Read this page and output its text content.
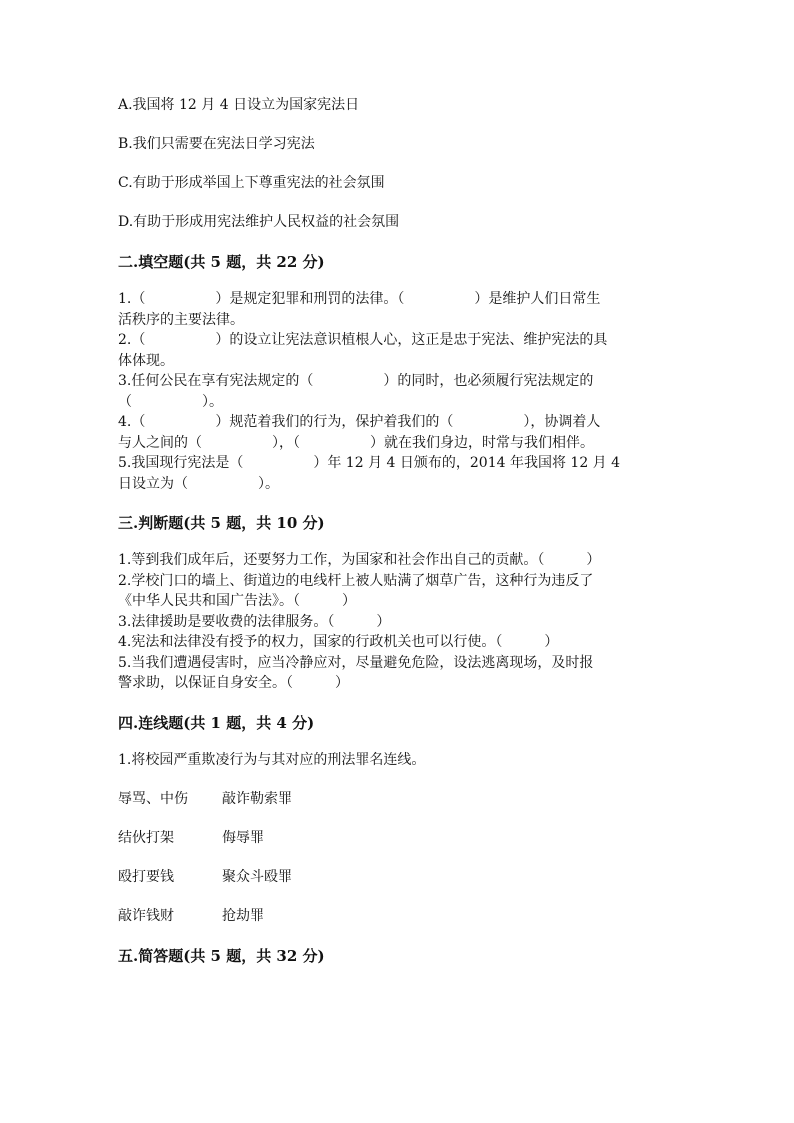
A.我国将 12 月 4 日设立为国家宪法日
B.我们只需要在宪法日学习宪法
C.有助于形成举国上下尊重宪法的社会氛围
D.有助于形成用宪法维护人民权益的社会氛围
二.填空题(共 5 题，共 22 分)

1.（　　　　　）是规定犯罪和刑罚的法律。（　　　　　）是维护人们日常生

活秩序的主要法律。

2.（　　　　　）的设立让宪法意识植根人心，这正是忠于宪法、维护宪法的具

体体现。

3.任何公民在享有宪法规定的（　　　　　）的同时，也必须履行宪法规定的

（　　　　　）。

4.（　　　　　）规范着我们的行为，保护着我们的（　　　　　），协调着人

与人之间的（　　　　　），（　　　　　）就在我们身边，时常与我们相伴。

5.我国现行宪法是（　　　　　）年 12 月 4 日颁布的，2014 年我国将 12 月 4

日设立为（　　　　　）。

三.判断题(共 5 题，共 10 分)

1.等到我们成年后，还要努力工作，为国家和社会作出自己的贡献。（　　　）

2.学校门口的墙上、街道边的电线杆上被人贴满了烟草广告，这种行为违反了

《中华人民共和国广告法》。（　　　）

3.法律援助是要收费的法律服务。（　　　）

4.宪法和法律没有授予的权力，国家的行政机关也可以行使。（　　　）

5.当我们遭遇侵害时，应当冷静应对，尽量避免危险，设法逃离现场，及时报

警求助，以保证自身安全。（　　　）

四.连线题(共 1 题，共 4 分)
1.将校园严重欺凌行为与其对应的刑法罪名连线。
辱骂、中伤 敲诈勒索罪
结伙打架	侮辱罪
殴打要钱	聚众斗殴罪
敲诈钱财	抢劫罪
五.简答题(共 5 题，共 32 分)
